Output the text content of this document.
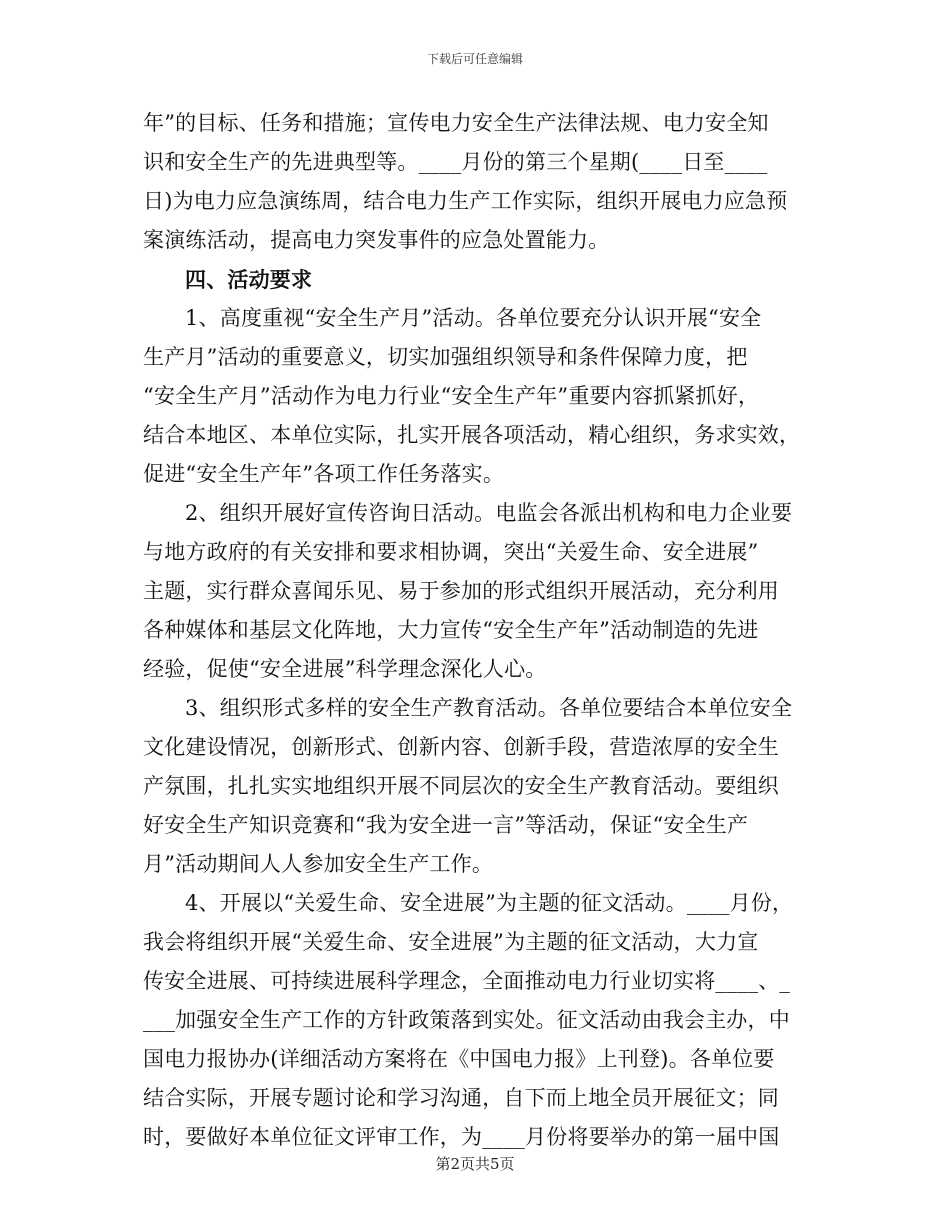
下载后可任意编辑
年”的目标、任务和措施；宣传电力安全生产法律法规、电力安全知
识和安全生产的先进典型等。____月份的第三个星期(____日至____
日)为电力应急演练周，结合电力生产工作实际，组织开展电力应急预
案演练活动，提高电力突发事件的应急处置能力。
四、活动要求
1、高度重视“安全生产月”活动。各单位要充分认识开展“安全
生产月”活动的重要意义，切实加强组织领导和条件保障力度，把
“安全生产月”活动作为电力行业“安全生产年”重要内容抓紧抓好，
结合本地区、本单位实际，扎实开展各项活动，精心组织，务求实效，
促进“安全生产年”各项工作任务落实。
2、组织开展好宣传咨询日活动。电监会各派出机构和电力企业要
与地方政府的有关安排和要求相协调，突出“关爱生命、安全进展”
主题，实行群众喜闻乐见、易于参加的形式组织开展活动，充分利用
各种媒体和基层文化阵地，大力宣传“安全生产年”活动制造的先进
经验，促使“安全进展”科学理念深化人心。
3、组织形式多样的安全生产教育活动。各单位要结合本单位安全
文化建设情况，创新形式、创新内容、创新手段，营造浓厚的安全生
产氛围，扎扎实实地组织开展不同层次的安全生产教育活动。要组织
好安全生产知识竞赛和“我为安全进一言”等活动，保证“安全生产
月”活动期间人人参加安全生产工作。
4、开展以“关爱生命、安全进展”为主题的征文活动。____月份，
我会将组织开展“关爱生命、安全进展”为主题的征文活动，大力宣
传安全进展、可持续进展科学理念，全面推动电力行业切实将____、_
___加强安全生产工作的方针政策落到实处。征文活动由我会主办，中
国电力报协办(详细活动方案将在《中国电力报》上刊登)。各单位要
结合实际，开展专题讨论和学习沟通，自下而上地全员开展征文；同
时，要做好本单位征文评审工作，为____月份将要举办的第一届中国
第2页共5页
